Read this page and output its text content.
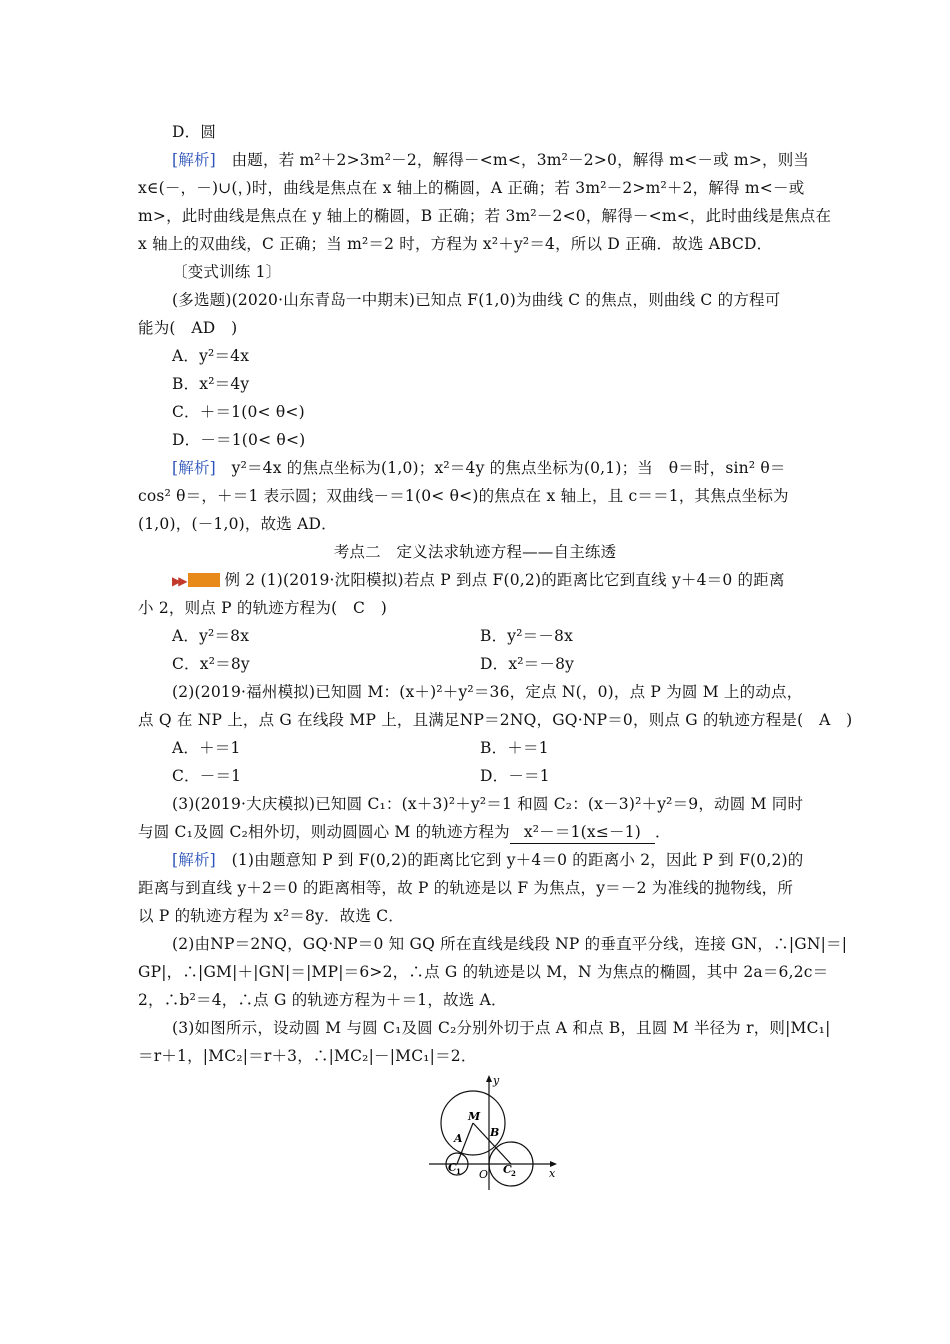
D．圆
[解析]　由题，若 m²＋2>3m²－2，解得－<m<，3m²－2>0，解得 m<－或 m>，则当
x∈(－，－)∪(，)时，曲线是焦点在 x 轴上的椭圆，A 正确；若 3m²－2>m²＋2，解得 m<－或
m>，此时曲线是焦点在 y 轴上的椭圆，B 正确；若 3m²－2<0，解得－<m<，此时曲线是焦点在
x 轴上的双曲线，C 正确；当 m²＝2 时，方程为 x²＋y²＝4，所以 D 正确．故选 ABCD．
〔变式训练 1〕
(多选题)(2020·山东青岛一中期末)已知点 F(1,0)为曲线 C 的焦点，则曲线 C 的方程可
能为(　AD　)
A．y²＝4x
B．x²＝4y
C．＋＝1(0< θ<)
D．－＝1(0< θ<)
[解析]　y²＝4x 的焦点坐标为(1,0)；x²＝4y 的焦点坐标为(0,1)；当　θ＝时，sin² θ＝
cos² θ＝，＋＝1 表示圆；双曲线－＝1(0< θ<)的焦点在 x 轴上，且 c＝＝1，其焦点坐标为
(1,0)，(－1,0)，故选 AD．
考点二　定义法求轨迹方程——自主练透
▶▶	例 2 (1)(2019·沈阳模拟)若点 P 到点 F(0,2)的距离比它到直线 y＋4＝0 的距离
小 2，则点 P 的轨迹方程为(　C　)
A．y²＝8x	B．y²＝－8x
C．x²＝8y	D．x²＝－8y
(2)(2019·福州模拟)已知圆 M：(x＋)²＋y²＝36，定点 N(，0)，点 P 为圆 M 上的动点，
点 Q 在 NP 上，点 G 在线段 MP 上，且满足NP＝2NQ，GQ·NP＝0，则点 G 的轨迹方程是(　A　)
A．＋＝1	B．＋＝1
C．－＝1	D．－＝1
(3)(2019·大庆模拟)已知圆 C₁：(x＋3)²＋y²＝1 和圆 C₂：(x－3)²＋y²＝9，动圆 M 同时
与圆 C₁及圆 C₂相外切，则动圆圆心 M 的轨迹方程为 x²－＝1(x≤－1) ．
[解析]　(1)由题意知 P 到 F(0,2)的距离比它到 y＋4＝0 的距离小 2，因此 P 到 F(0,2)的
距离与到直线 y＋2＝0 的距离相等，故 P 的轨迹是以 F 为焦点，y＝－2 为准线的抛物线，所
以 P 的轨迹方程为 x²＝8y．故选 C．
(2)由NP＝2NQ，GQ·NP＝0 知 GQ 所在直线是线段 NP 的垂直平分线，连接 GN，∴|GN|＝|
GP|，∴|GM|＋|GN|＝|MP|＝6>2，∴点 G 的轨迹是以 M，N 为焦点的椭圆，其中 2a＝6,2c＝
2，∴b²＝4，∴点 G 的轨迹方程为＋＝1，故选 A．
(3)如图所示，设动圆 M 与圆 C₁及圆 C₂分别外切于点 A 和点 B，且圆 M 半径为 r，则|MC₁|
＝r＋1，|MC₂|＝r＋3，∴|MC₂|－|MC₁|＝2．
y
x
O
M
A B
C 1	C 2
